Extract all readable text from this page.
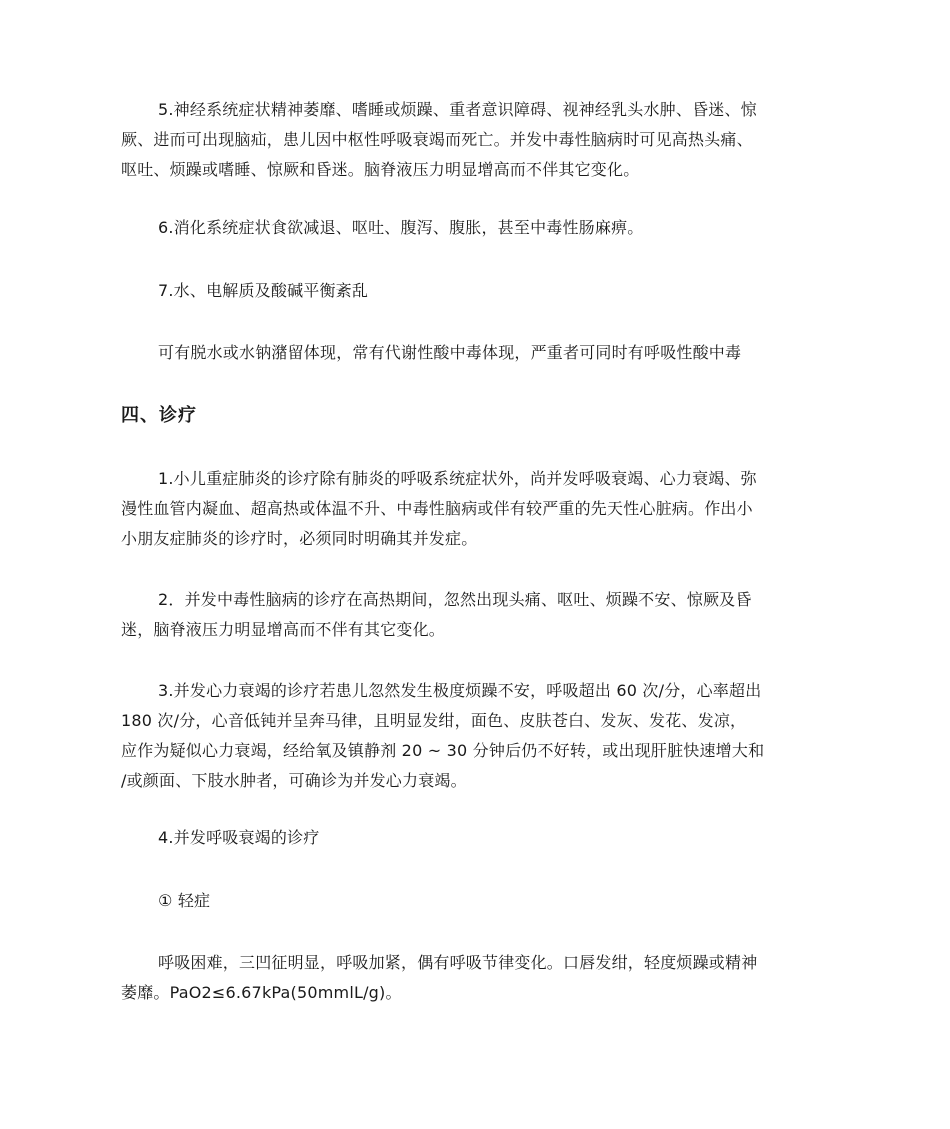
5.神经系统症状精神萎靡、嗜睡或烦躁、重者意识障碍、视神经乳头水肿、昏迷、惊
厥、进而可出现脑疝，患儿因中枢性呼吸衰竭而死亡。并发中毒性脑病时可见高热头痛、
呕吐、烦躁或嗜睡、惊厥和昏迷。脑脊液压力明显增高而不伴其它变化。

6.消化系统症状食欲减退、呕吐、腹泻、腹胀，甚至中毒性肠麻痹。

7.水、电解质及酸碱平衡紊乱

可有脱水或水钠潴留体现，常有代谢性酸中毒体现，严重者可同时有呼吸性酸中毒

四、诊疗

1.小儿重症肺炎的诊疗除有肺炎的呼吸系统症状外，尚并发呼吸衰竭、心力衰竭、弥
漫性血管内凝血、超高热或体温不升、中毒性脑病或伴有较严重的先天性心脏病。作出小
小朋友症肺炎的诊疗时，必须同时明确其并发症。

2．并发中毒性脑病的诊疗在高热期间，忽然出现头痛、呕吐、烦躁不安、惊厥及昏
迷，脑脊液压力明显增高而不伴有其它变化。

3.并发心力衰竭的诊疗若患儿忽然发生极度烦躁不安，呼吸超出 60 次/分，心率超出
180 次/分，心音低钝并呈奔马律，且明显发绀，面色、皮肤苍白、发灰、发花、发凉，
应作为疑似心力衰竭，经给氧及镇静剂 20 ~ 30 分钟后仍不好转，或出现肝脏快速增大和
/或颜面、下肢水肿者，可确诊为并发心力衰竭。

4.并发呼吸衰竭的诊疗

① 轻症

呼吸困难，三凹征明显，呼吸加紧，偶有呼吸节律变化。口唇发绀，轻度烦躁或精神
萎靡。PaO2≤6.67kPa(50mmlL/g)。
